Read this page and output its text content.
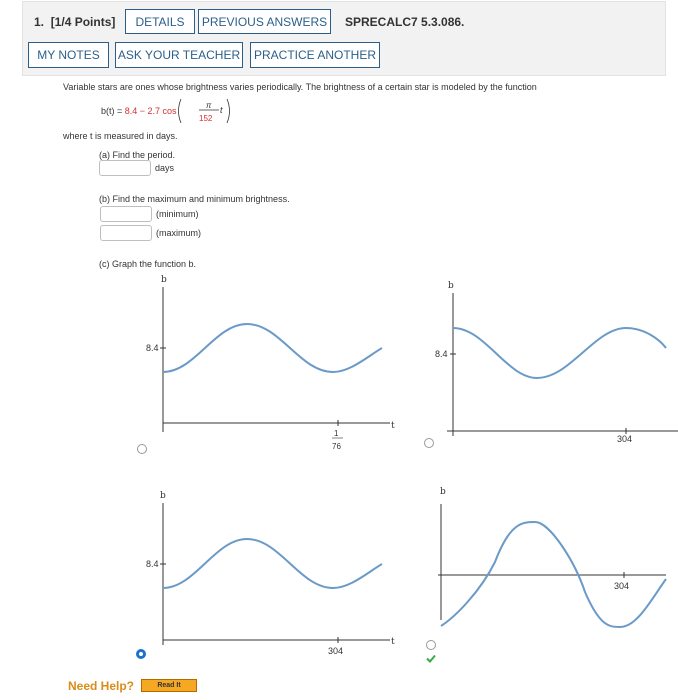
1. [1/4 Points]	DETAILS	PREVIOUS ANSWERS	SPRECALC7 5.3.086.
MY NOTES	ASK YOUR TEACHER	PRACTICE ANOTHER
Variable stars are ones whose brightness varies periodically. The brightness of a certain star is modeled by the function
b(t) = 8.4 − 2.7 cos
π
152
t
where t is measured in days.
(a) Find the period.
days
(b) Find the maximum and minimum brightness.
(minimum)
(maximum)
(c) Graph the function b.
b
8.4
t
1
76
b
8.4
304
b
8.4
t
304
b
304
Need Help?	Read It
